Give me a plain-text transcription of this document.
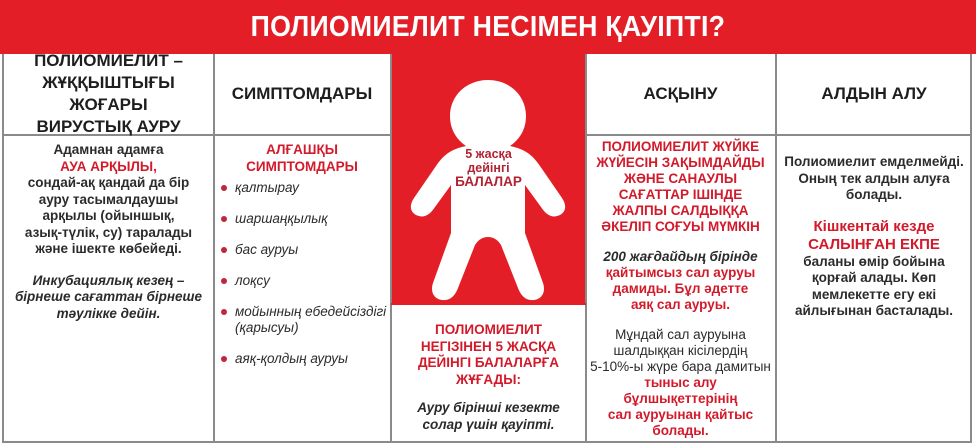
ПОЛИОМИЕЛИТ НЕСІМЕН ҚАУІПТІ?
5 жасқа
дейінгі
БАЛАЛАР
ПОЛИОМИЕЛИТ –
ЖҰҚҚЫШТЫҒЫ ЖОҒАРЫ
ВИРУСТЫҚ АУРУ
Адамнан адамға
АУА АРҚЫЛЫ,
сондай-ақ қандай да бір
ауру тасымалдаушы
арқылы (ойыншық,
азық-түлік, су) таралады
және ішекте көбейеді.
Инкубациялық кезең –
бірнеше сағаттан бірнеше
тәулікке дейін.
СИМПТОМДАРЫ
АЛҒАШҚЫ
СИМПТОМДАРЫ
қалтырау
шаршаңқылық
бас ауруы
лоқсу
мойынның ебедейсіздігі (қарысуы)
аяқ-қолдың ауруы
ПОЛИОМИЕЛИТ
НЕГІЗІНЕН 5 ЖАСҚА
ДЕЙІНГІ БАЛАЛАРҒА
ЖҰҒАДЫ:
Ауру бірінші кезекте
солар үшін қауіпті.
АСҚЫНУ
ПОЛИОМИЕЛИТ ЖҮЙКЕ
ЖҮЙЕСІН ЗАҚЫМДАЙДЫ
ЖӘНЕ САНАУЛЫ
САҒАТТАР ІШІНДЕ
ЖАЛПЫ САЛДЫҚҚА
ӘКЕЛІП СОҒУЫ МҮМКІН
200 жағдайдың бірінде
қайтымсыз сал ауруы
дамиды. Бұл әдетте
аяқ сал ауруы.
Мұндай сал ауруына
шалдыққан кісілердің
5-10%-ы жүре бара дамитын
тыныс алу
бұлшықеттерінің
сал ауруынан қайтыс
болады.
АЛДЫН АЛУ
Полиомиелит емделмейді.
Оның тек алдын алуға
болады.
Кішкентай кезде
САЛЫНҒАН ЕКПЕ
баланы өмір бойына
қорғай алады. Көп
мемлекетте егу екі
айлығынан басталады.
